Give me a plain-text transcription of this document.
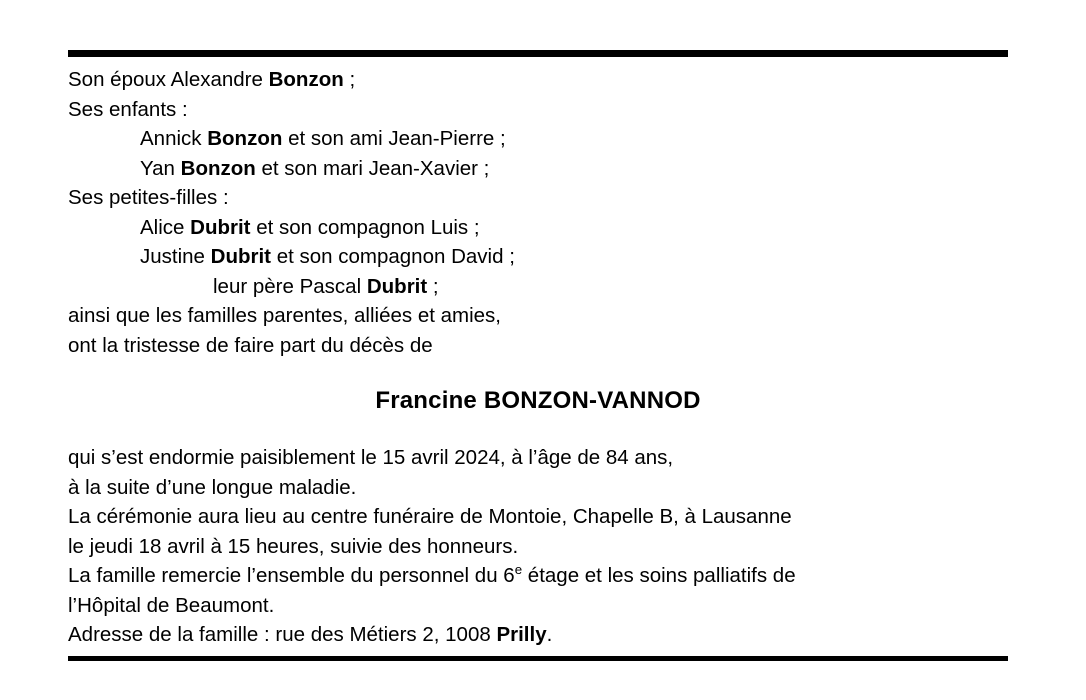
Son époux Alexandre Bonzon ;
Ses enfants :
Annick Bonzon et son ami Jean-Pierre ;
Yan Bonzon et son mari Jean-Xavier ;
Ses petites-filles :
Alice Dubrit et son compagnon Luis ;
Justine Dubrit et son compagnon David ;
leur père Pascal Dubrit ;
ainsi que les familles parentes, alliées et amies,
ont la tristesse de faire part du décès de
Francine BONZON-VANNOD
qui s’est endormie paisiblement le 15 avril 2024, à l’âge de 84 ans,
à la suite d’une longue maladie.
La cérémonie aura lieu au centre funéraire de Montoie, Chapelle B, à Lausanne
le jeudi 18 avril à 15 heures, suivie des honneurs.
La famille remercie l’ensemble du personnel du 6e étage et les soins palliatifs de
l’Hôpital de Beaumont.
Adresse de la famille : rue des Métiers 2, 1008 Prilly.
